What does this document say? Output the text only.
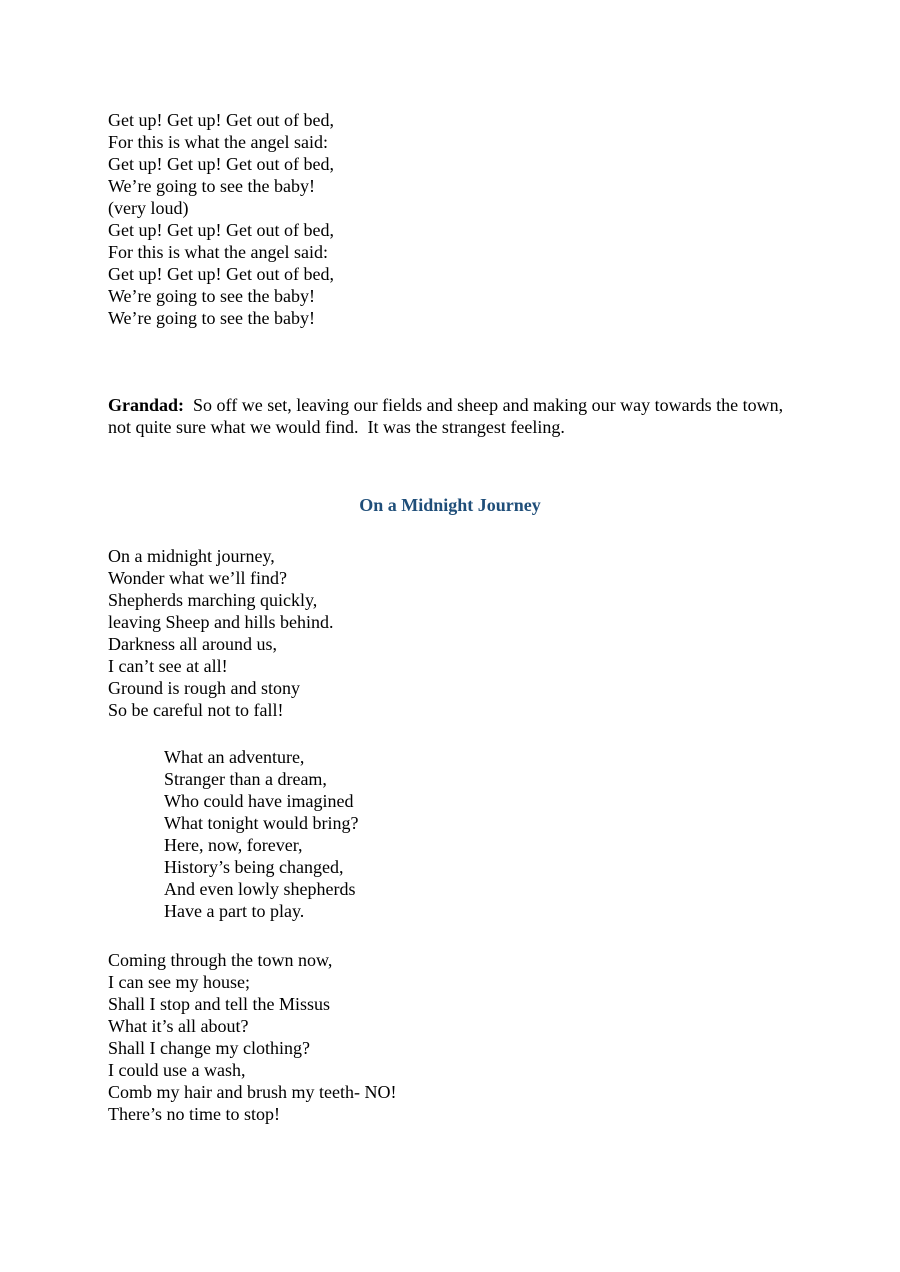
Get up! Get up! Get out of bed,
For this is what the angel said:
Get up! Get up! Get out of bed,
We’re going to see the baby!
(very loud)
Get up! Get up! Get out of bed,
For this is what the angel said:
Get up! Get up! Get out of bed,
We’re going to see the baby!
We’re going to see the baby!

Grandad:  So off we set, leaving our fields and sheep and making our way towards the town, not quite sure what we would find.  It was the strangest feeling.

On a Midnight Journey
On a midnight journey,
Wonder what we’ll find?
Shepherds marching quickly,
leaving Sheep and hills behind.
Darkness all around us,
I can’t see at all!
Ground is rough and stony
So be careful not to fall!
What an adventure,
Stranger than a dream,
Who could have imagined
What tonight would bring?
Here, now, forever,
History’s being changed,
And even lowly shepherds
Have a part to play.
Coming through the town now,
I can see my house;
Shall I stop and tell the Missus
What it’s all about?
Shall I change my clothing?
I could use a wash,
Comb my hair and brush my teeth- NO!
There’s no time to stop!
